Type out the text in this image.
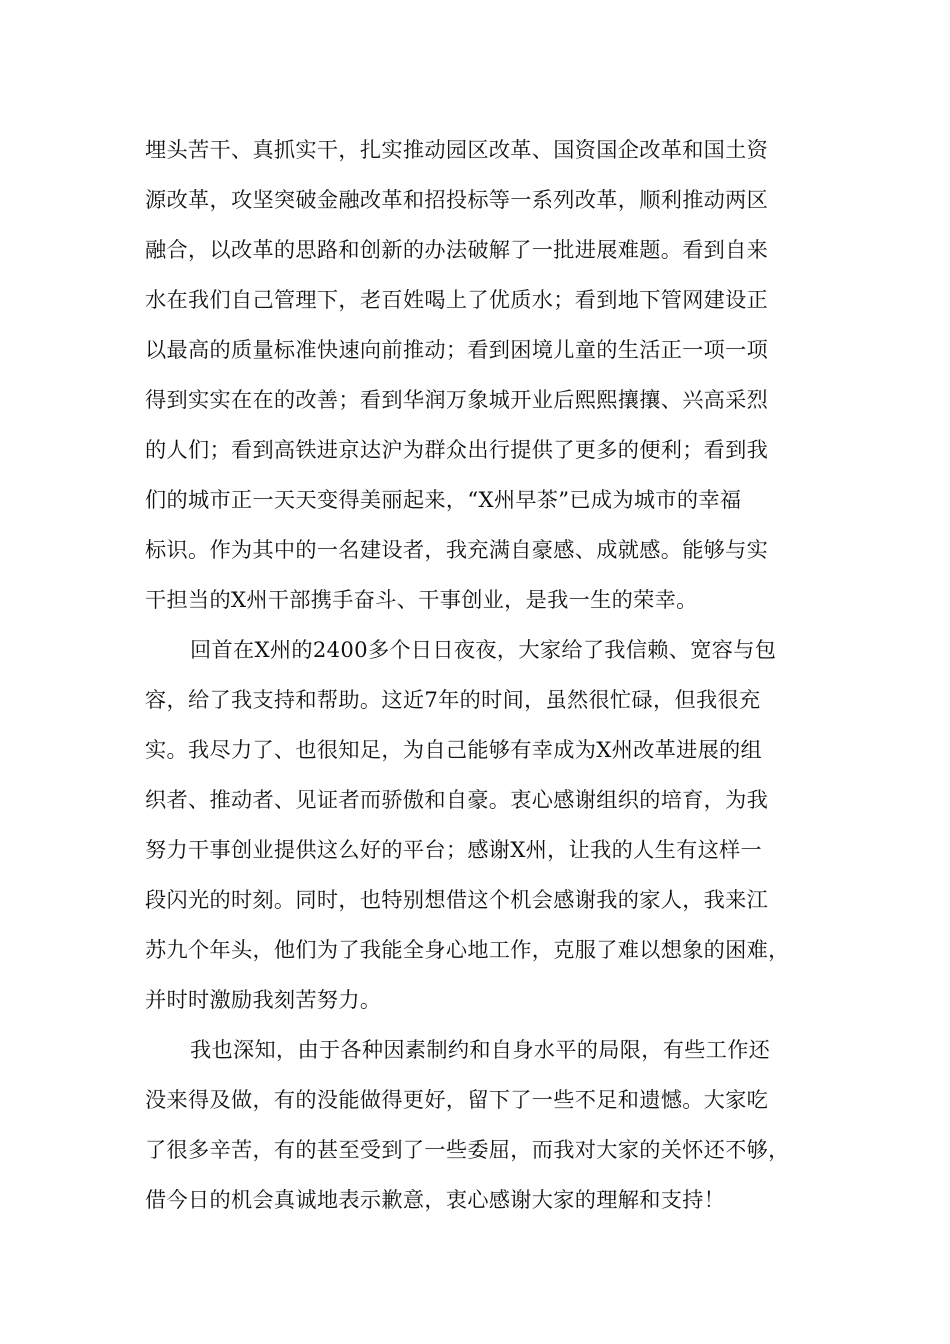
埋头苦干、真抓实干，扎实推动园区改革、国资国企改革和国土资
源改革，攻坚突破金融改革和招投标等一系列改革，顺利推动两区
融合，以改革的思路和创新的办法破解了一批进展难题。看到自来
水在我们自己管理下，老百姓喝上了优质水；看到地下管网建设正
以最高的质量标准快速向前推动；看到困境儿童的生活正一项一项
得到实实在在的改善；看到华润万象城开业后熙熙攘攘、兴高采烈
的人们；看到高铁进京达沪为群众出行提供了更多的便利；看到我
们的城市正一天天变得美丽起来，“X州早茶”已成为城市的幸福
标识。作为其中的一名建设者，我充满自豪感、成就感。能够与实
干担当的X州干部携手奋斗、干事创业，是我一生的荣幸。
回首在X州的2400多个日日夜夜，大家给了我信赖、宽容与包
容，给了我支持和帮助。这近7年的时间，虽然很忙碌，但我很充
实。我尽力了、也很知足，为自己能够有幸成为X州改革进展的组
织者、推动者、见证者而骄傲和自豪。衷心感谢组织的培育，为我
努力干事创业提供这么好的平台；感谢X州，让我的人生有这样一
段闪光的时刻。同时，也特别想借这个机会感谢我的家人，我来江
苏九个年头，他们为了我能全身心地工作，克服了难以想象的困难，
并时时激励我刻苦努力。
我也深知，由于各种因素制约和自身水平的局限，有些工作还
没来得及做，有的没能做得更好，留下了一些不足和遗憾。大家吃
了很多辛苦，有的甚至受到了一些委屈，而我对大家的关怀还不够，
借今日的机会真诚地表示歉意，衷心感谢大家的理解和支持！
